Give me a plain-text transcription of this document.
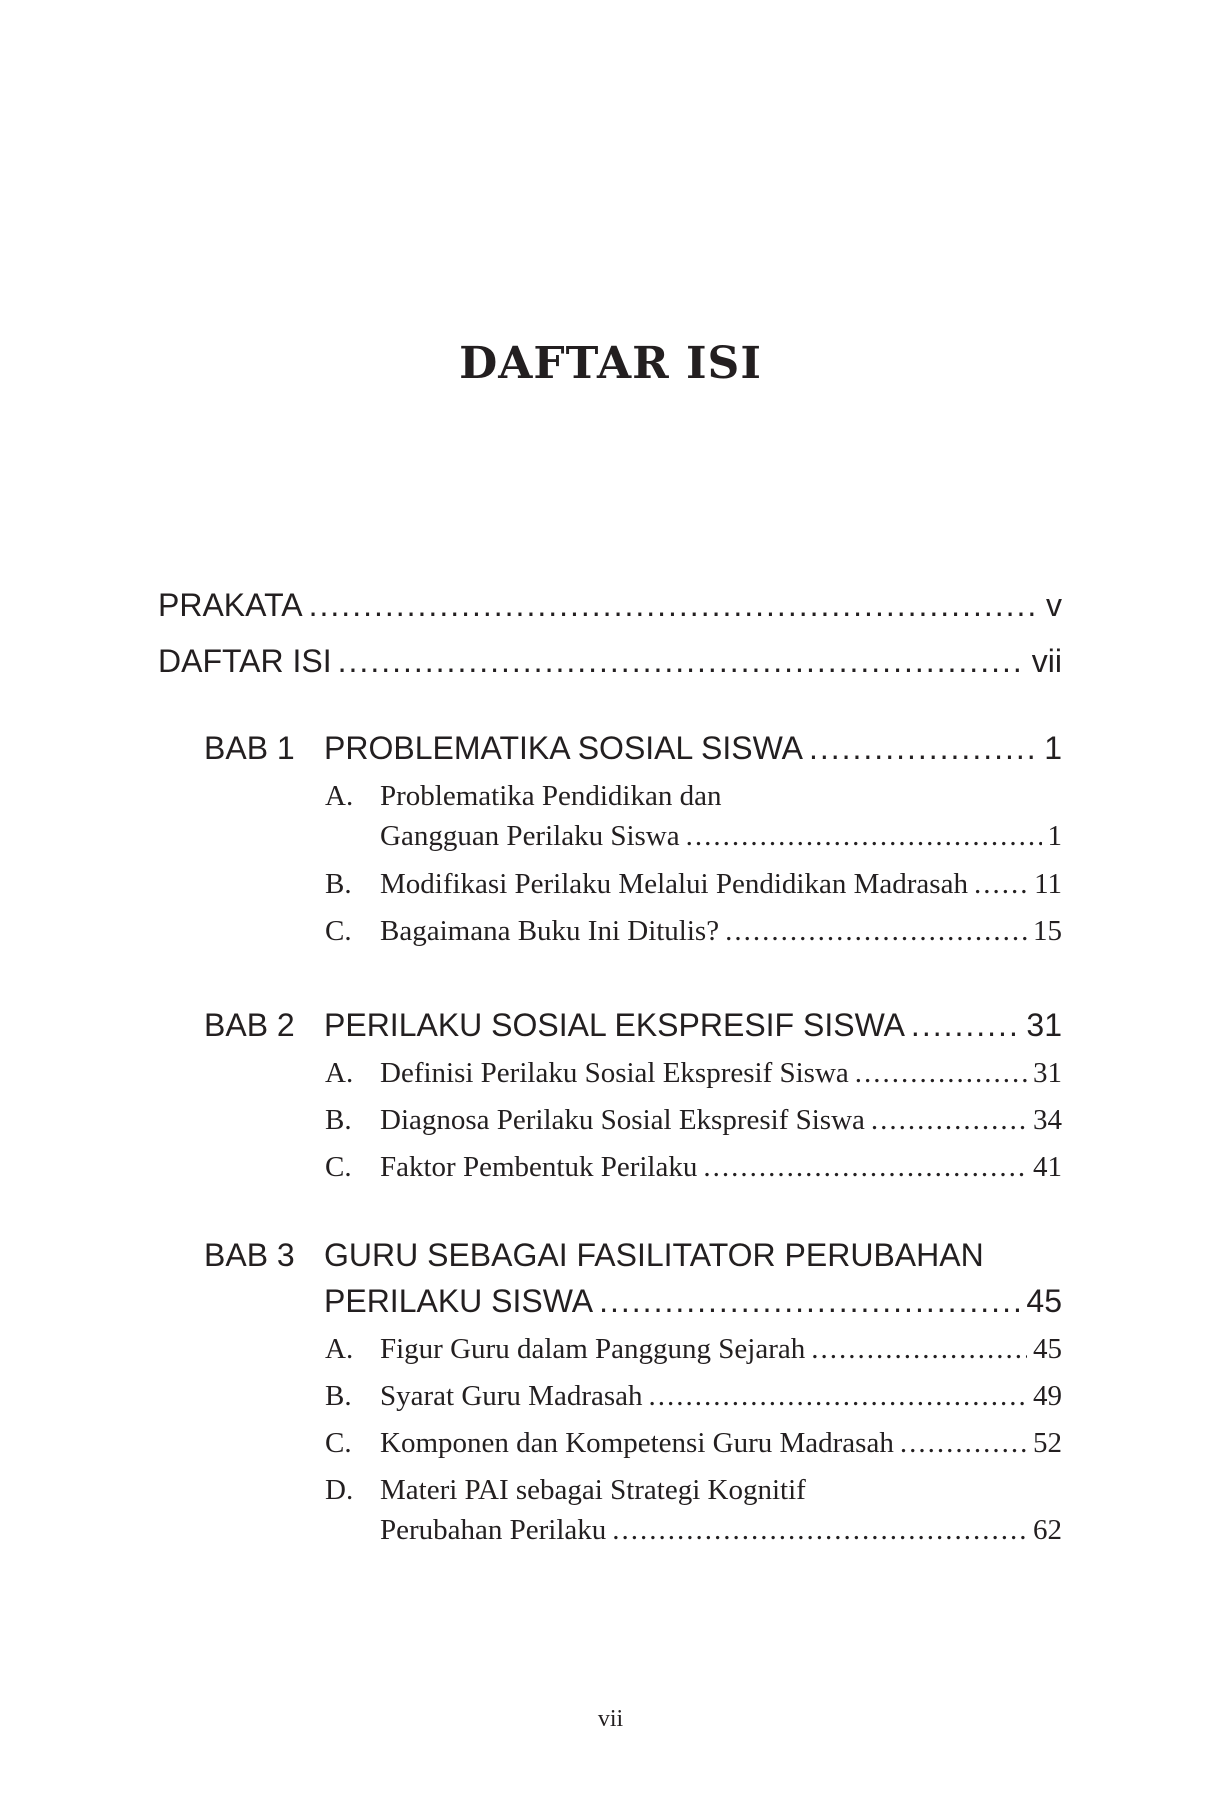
DAFTAR ISI
PRAKATA .....	v
DAFTAR ISI .....	vii
BAB 1 PROBLEMATIKA SOSIAL SISWA .....	1
A. Problematika Pendidikan dan
Gangguan Perilaku Siswa .....	1
B. Modifikasi Perilaku Melalui Pendidikan Madrasah ..... 11
C. Bagaimana Buku Ini Ditulis? .....	15
BAB 2 PERILAKU SOSIAL EKSPRESIF SISWA .....	31
A. Definisi Perilaku Sosial Ekspresif Siswa .....	31
B. Diagnosa Perilaku Sosial Ekspresif Siswa .....	34
C. Faktor Pembentuk Perilaku .....	41
BAB 3 GURU SEBAGAI FASILITATOR PERUBAHAN
PERILAKU SISWA .....	45
A. Figur Guru dalam Panggung Sejarah .....	45
B. Syarat Guru Madrasah .....	49
C. Komponen dan Kompetensi Guru Madrasah .....	52
D. Materi PAI sebagai Strategi Kognitif
Perubahan Perilaku .....	62
vii
